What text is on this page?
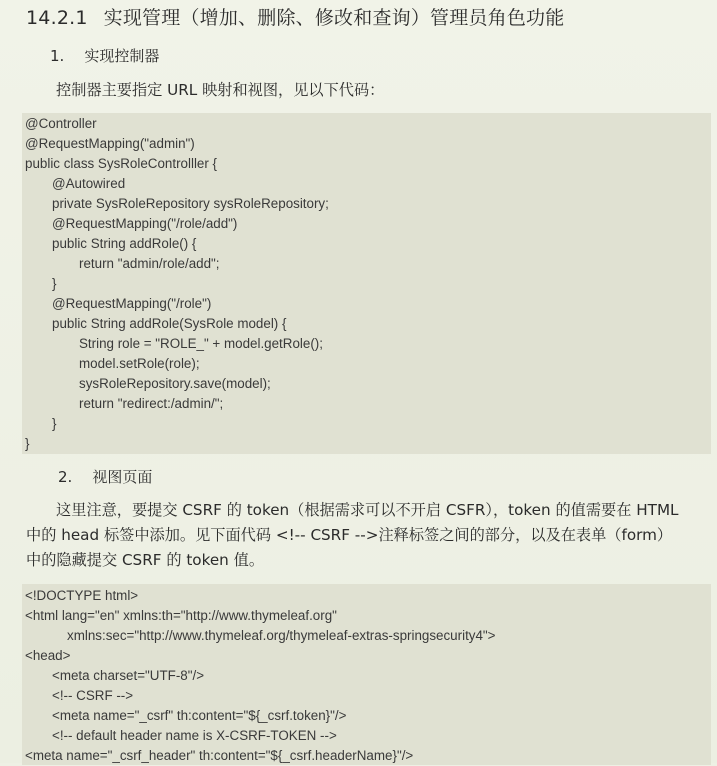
14.2.1 实现管理（增加、删除、修改和查询）管理员角色功能
1. 实现控制器
控制器主要指定 URL 映射和视图，见以下代码：
@Controller
@RequestMapping("admin")
public class SysRoleControlller {
@Autowired
private SysRoleRepository sysRoleRepository;
@RequestMapping("/role/add")
public String addRole() {
return "admin/role/add";
}
@RequestMapping("/role")
public String addRole(SysRole model) {
String role = "ROLE_" + model.getRole();
model.setRole(role);
sysRoleRepository.save(model);
return "redirect:/admin/";
}
}
2. 视图页面
这里注意，要提交 CSRF 的 token（根据需求可以不开启 CSFR），token 的值需要在 HTML
中的 head 标签中添加。见下面代码 <!-- CSRF -->注释标签之间的部分，以及在表单（form）
中的隐藏提交 CSRF 的 token 值。
<!DOCTYPE html>
<html lang="en" xmlns:th="http://www.thymeleaf.org"
xmlns:sec="http://www.thymeleaf.org/thymeleaf-extras-springsecurity4">
<head>
<meta charset="UTF-8"/>
<!-- CSRF -->
<meta name="_csrf" th:content="${_csrf.token}"/>
<!-- default header name is X-CSRF-TOKEN -->
<meta name="_csrf_header" th:content="${_csrf.headerName}"/>
